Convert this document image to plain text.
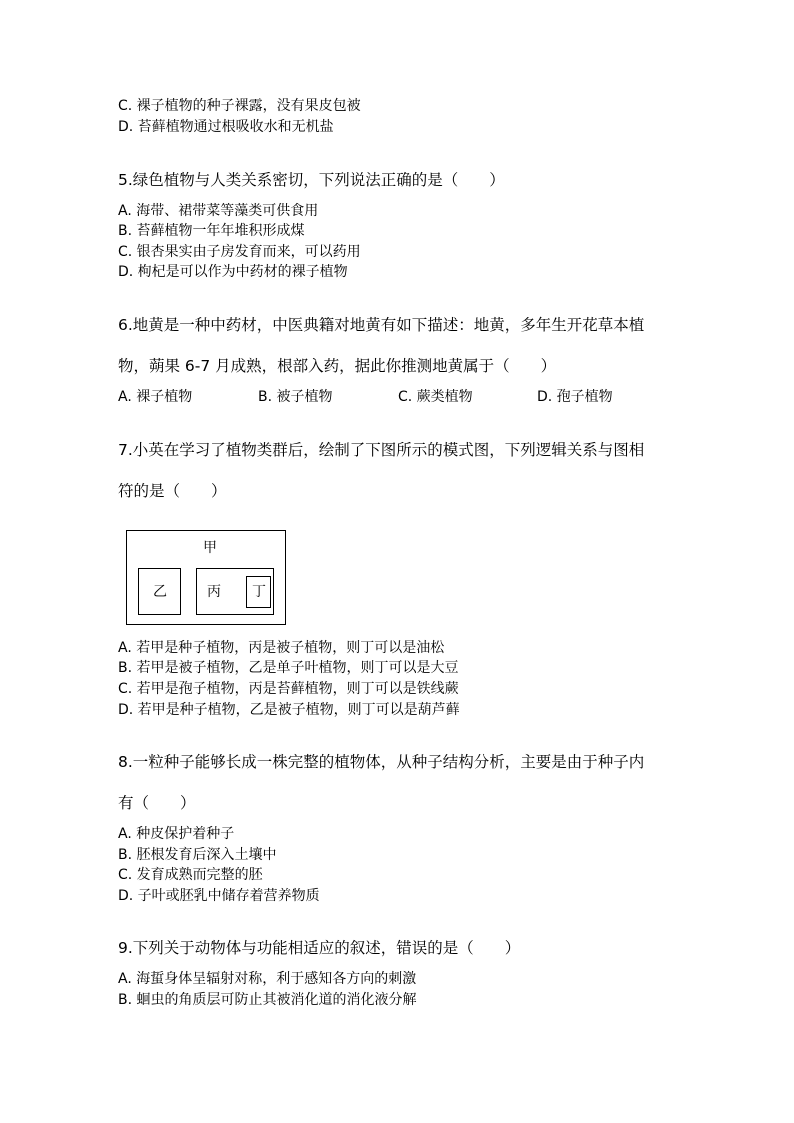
C. 裸子植物的种子裸露，没有果皮包被
D. 苔藓植物通过根吸收水和无机盐
5.绿色植物与人类关系密切，下列说法正确的是（　　）
A. 海带、裙带菜等藻类可供食用
B. 苔藓植物一年年堆积形成煤
C. 银杏果实由子房发育而来，可以药用
D. 枸杞是可以作为中药材的裸子植物
6.地黄是一种中药材，中医典籍对地黄有如下描述：地黄，多年生开花草本植
物，蒴果 6-7 月成熟，根部入药，据此你推测地黄属于（　　）
A. 裸子植物	B. 被子植物	C. 蕨类植物	D. 孢子植物
7.小英在学习了植物类群后，绘制了下图所示的模式图，下列逻辑关系与图相
符的是（　　）
甲
乙	丙 丁
A. 若甲是种子植物，丙是被子植物，则丁可以是油松
B. 若甲是被子植物，乙是单子叶植物，则丁可以是大豆
C. 若甲是孢子植物，丙是苔藓植物，则丁可以是铁线蕨
D. 若甲是种子植物，乙是被子植物，则丁可以是葫芦藓
8.一粒种子能够长成一株完整的植物体，从种子结构分析，主要是由于种子内
有（　　）
A. 种皮保护着种子
B. 胚根发育后深入土壤中
C. 发育成熟而完整的胚
D. 子叶或胚乳中储存着营养物质
9.下列关于动物体与功能相适应的叙述，错误的是（　　）
A. 海蜇身体呈辐射对称，利于感知各方向的刺激
B. 蛔虫的角质层可防止其被消化道的消化液分解
